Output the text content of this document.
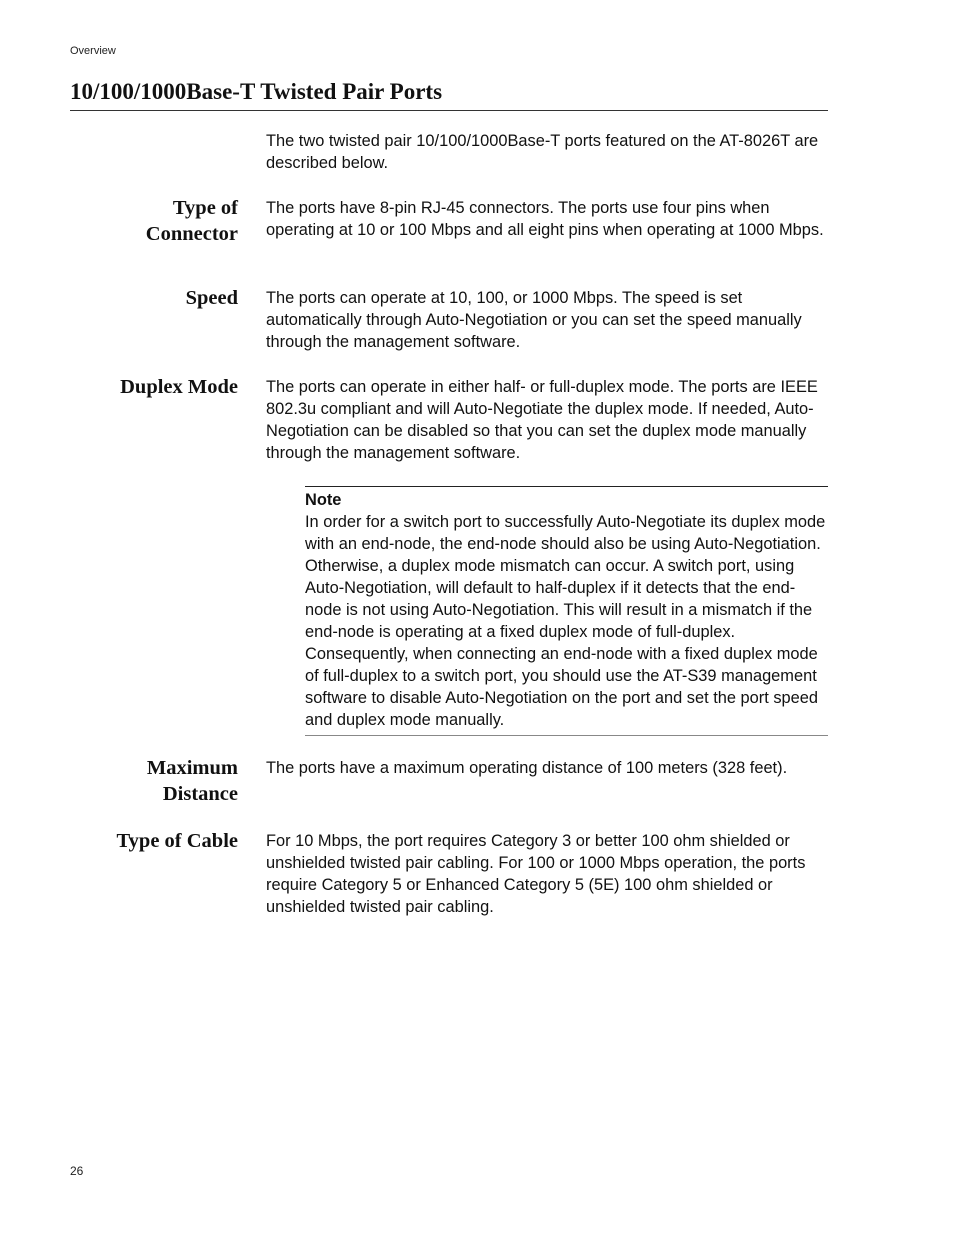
Overview
10/100/1000Base-T Twisted Pair Ports

The two twisted pair 10/100/1000Base-T ports featured on the AT-8026T are described below.

Type of
Connector

The ports have 8-pin RJ-45 connectors. The ports use four pins when operating at 10 or 100 Mbps and all eight pins when operating at 1000 Mbps.

Speed The ports can operate at 10, 100, or 1000 Mbps. The speed is set automatically through Auto-Negotiation or you can set the speed manually through the management software.

Duplex Mode The ports can operate in either half- or full-duplex mode. The ports are IEEE 802.3u compliant and will Auto-Negotiate the duplex mode. If needed, Auto-Negotiation can be disabled so that you can set the duplex mode manually through the management software.

Note

In order for a switch port to successfully Auto-Negotiate its duplex mode with an end-node, the end-node should also be using Auto-Negotiation. Otherwise, a duplex mode mismatch can occur. A switch port, using Auto-Negotiation, will default to half-duplex if it detects that the end-node is not using Auto-Negotiation. This will result in a mismatch if the end-node is operating at a fixed duplex mode of full-duplex. Consequently, when connecting an end-node with a fixed duplex mode of full-duplex to a switch port, you should use the AT-S39 management software to disable Auto-Negotiation on the port and set the port speed and duplex mode manually.

Maximum
Distance

The ports have a maximum operating distance of 100 meters (328 feet).

Type of Cable For 10 Mbps, the port requires Category 3 or better 100 ohm shielded or unshielded twisted pair cabling. For 100 or 1000 Mbps operation, the ports require Category 5 or Enhanced Category 5 (5E) 100 ohm shielded or unshielded twisted pair cabling.

26
